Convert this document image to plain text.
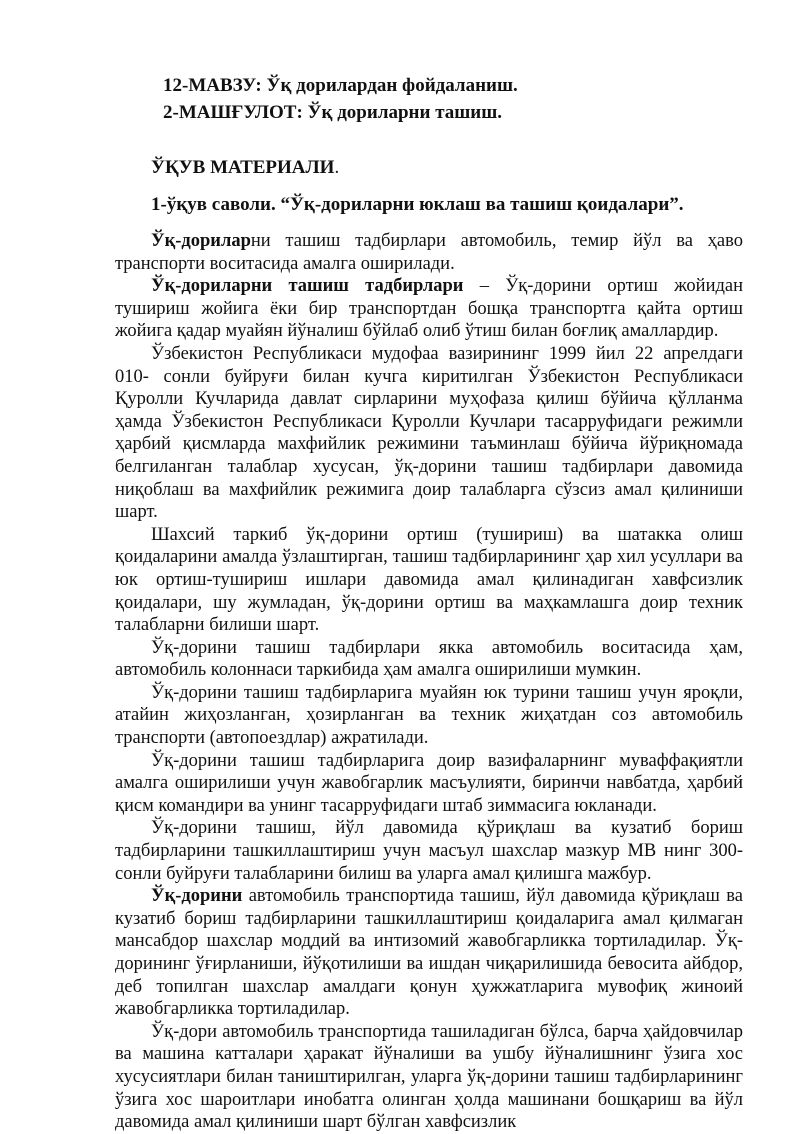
12-МАВЗУ: Ўқ дорилардан фойдаланиш.
2-МАШҒУЛОТ: Ўқ дориларни ташиш.
ЎҚУВ МАТЕРИАЛИ.
1-ўқув саволи. “Ўқ-дориларни юклаш ва ташиш қоидалари”.

Ўқ-дориларни ташиш тадбирлари автомобиль, темир йўл ва ҳаво транспорти воситасида амалга оширилади.

Ўқ-дориларни ташиш тадбирлари – Ўқ-дорини ортиш жойидан тушириш жойига ёки бир транспортдан бошқа транспортга қайта ортиш жойига қадар муайян йўналиш бўйлаб олиб ўтиш билан боғлиқ амаллардир.

Ўзбекистон Республикаси мудофаа вазирининг 1999 йил 22 апрелдаги 010- сонли буйруғи билан кучга киритилган Ўзбекистон Республикаси Қуролли Кучларида давлат сирларини муҳофаза қилиш бўйича қўлланма ҳамда Ўзбекистон Республикаси Қуролли Кучлари тасарруфидаги режимли ҳарбий қисмларда махфийлик режимини таъминлаш бўйича йўриқномада белгиланган талаблар хусусан, ўқ-дорини ташиш тадбирлари давомида ниқоблаш ва махфийлик режимига доир талабларга сўзсиз амал қилиниши шарт.

Шахсий таркиб ўқ-дорини ортиш (тушириш) ва шатакка олиш қоидаларини амалда ўзлаштирган, ташиш тадбирларининг ҳар хил усуллари ва юк ортиш-тушириш ишлари давомида амал қилинадиган хавфсизлик қоидалари, шу жумладан, ўқ-дорини ортиш ва маҳкамлашга доир техник талабларни билиши шарт.

Ўқ-дорини ташиш тадбирлари якка автомобиль воситасида ҳам, автомобиль колоннаси таркибида ҳам амалга оширилиши мумкин.

Ўқ-дорини ташиш тадбирларига муайян юк турини ташиш учун яроқли, атайин жиҳозланган, ҳозирланган ва техник жиҳатдан соз автомобиль транспорти (автопоездлар) ажратилади.

Ўқ-дорини ташиш тадбирларига доир вазифаларнинг муваффақиятли амалга оширилиши учун жавобгарлик масъулияти, биринчи навбатда, ҳарбий қисм командири ва унинг тасарруфидаги штаб зиммасига юкланади.

Ўқ-дорини ташиш, йўл давомида қўриқлаш ва кузатиб бориш тадбирларини ташкиллаштириш учун масъул шахслар мазкур МВ нинг 300-сонли буйруғи талабларини билиш ва уларга амал қилишга мажбур.

Ўқ-дорини автомобиль транспортида ташиш, йўл давомида қўриқлаш ва кузатиб бориш тадбирларини ташкиллаштириш қоидаларига амал қилмаган мансабдор шахслар моддий ва интизомий жавобгарликка тортиладилар. Ўқ-дорининг ўғирланиши, йўқотилиши ва ишдан чиқарилишида бевосита айбдор, деб топилган шахслар амалдаги қонун ҳужжатларига мувофиқ жиноий жавобгарликка тортиладилар.

Ўқ-дори автомобиль транспортида ташиладиган бўлса, барча ҳайдовчилар ва машина катталари ҳаракат йўналиши ва ушбу йўналишнинг ўзига хос хусусиятлари билан таништирилган, уларга ўқ-дорини ташиш тадбирларининг ўзига хос шароитлари инобатга олинган ҳолда машинани бошқариш ва йўл давомида амал қилиниши шарт бўлган хавфсизлик
